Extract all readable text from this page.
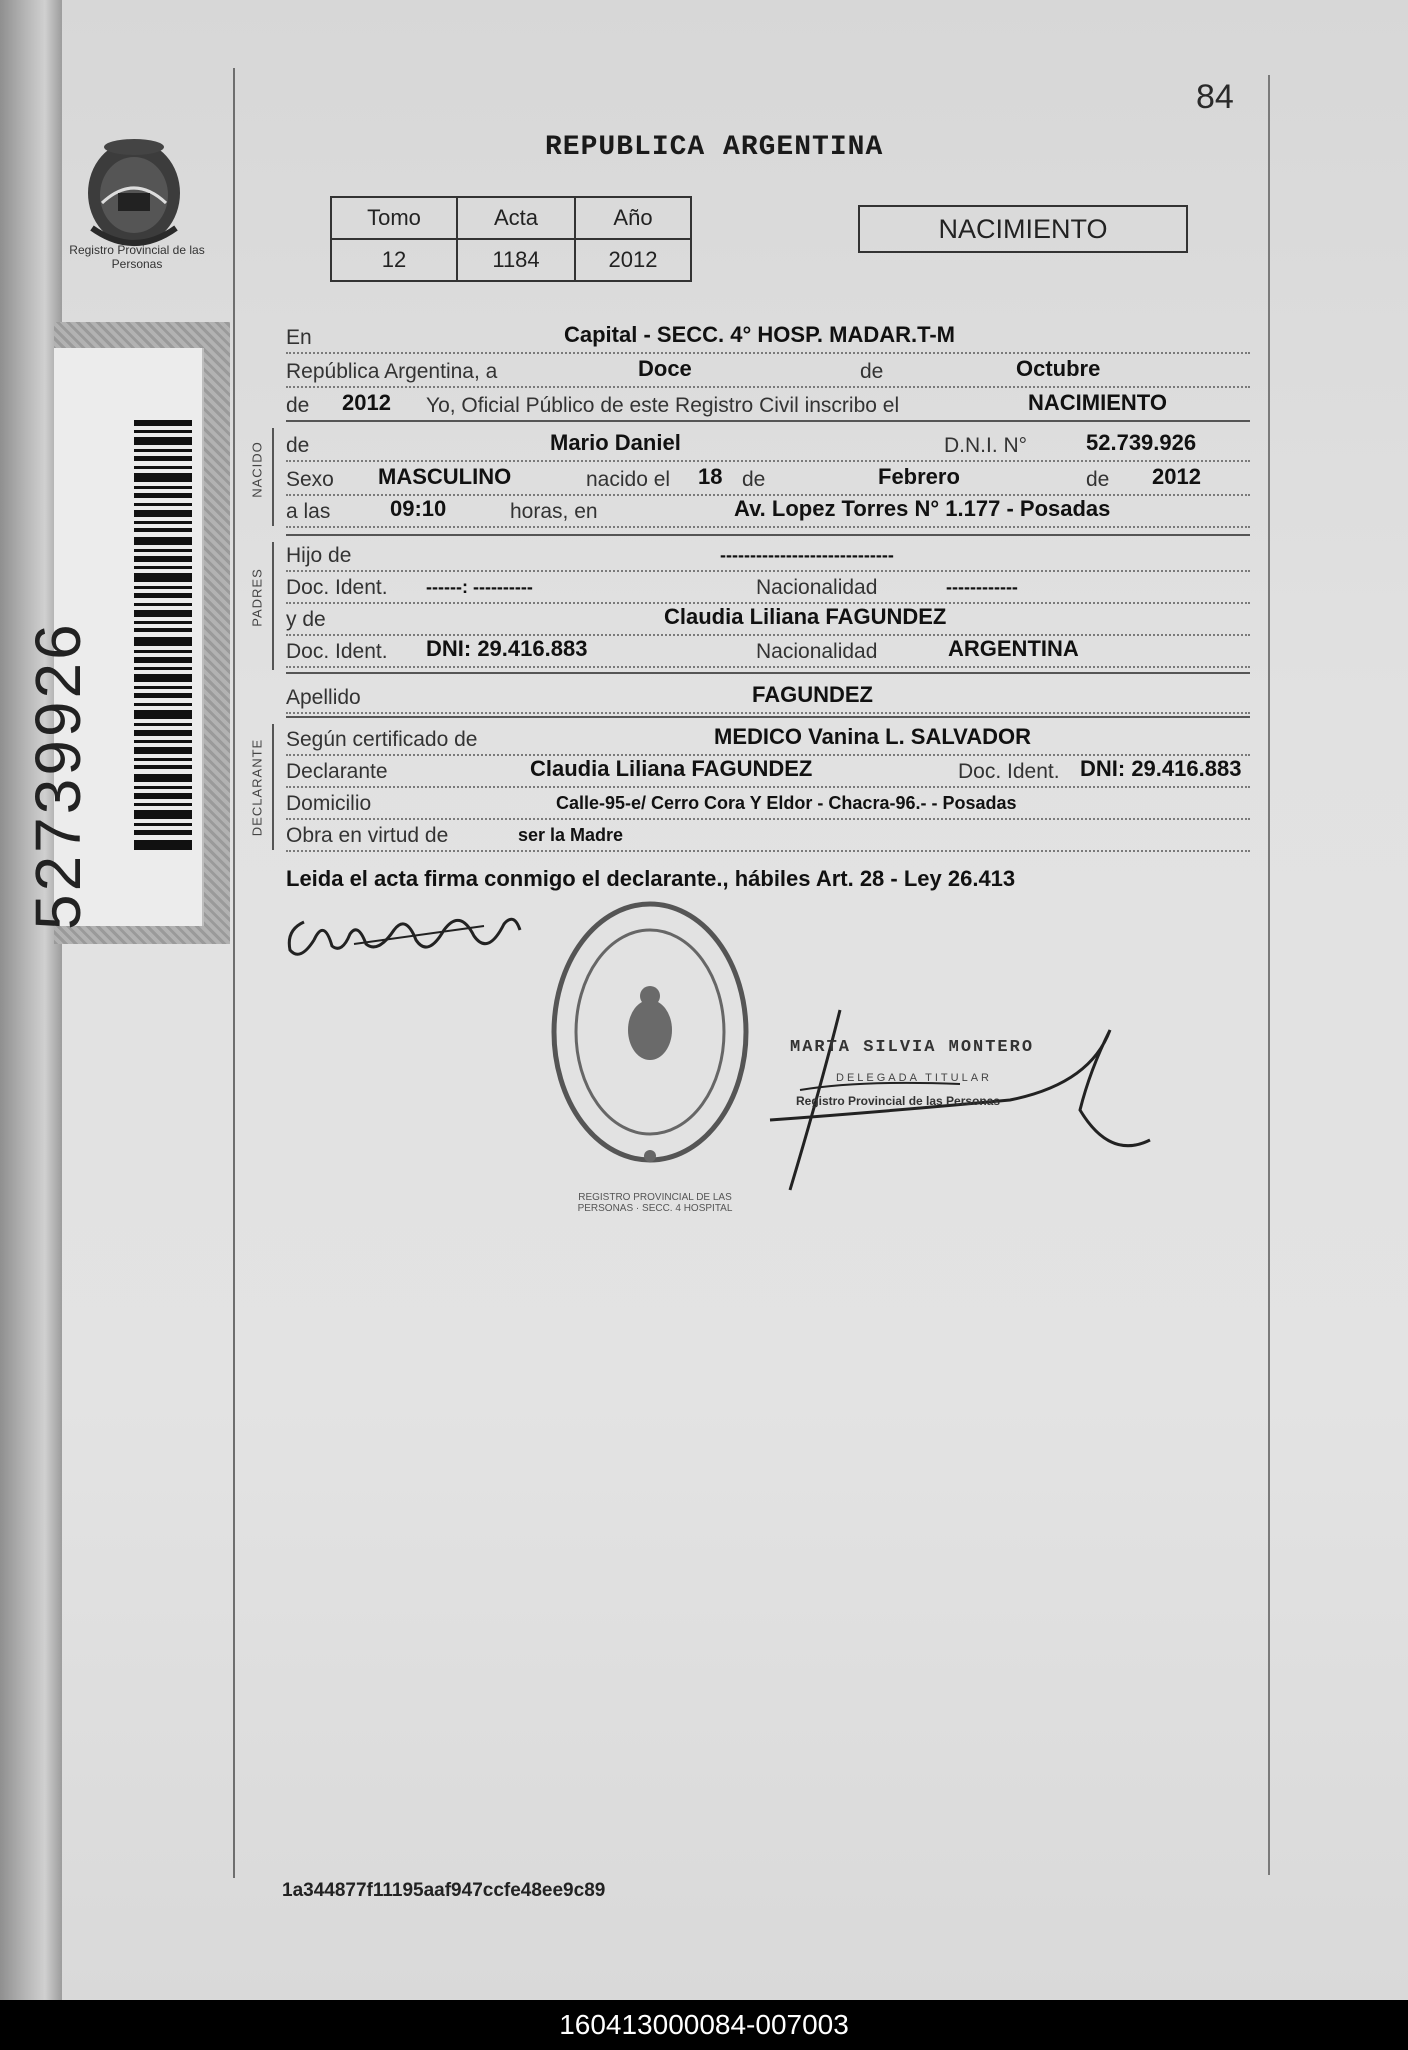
52739926
Registro Provincial de las Personas
84
REPUBLICA ARGENTINA
Tomo	Acta	Año
12	1184	2012
NACIMIENTO
En	Capital - SECC. 4° HOSP. MADAR.T-M
República Argentina, a	Doce	de	Octubre
de 2012 Yo, Oficial Público de este Registro Civil inscribo el	NACIMIENTO
NACIDO de	Mario Daniel	D.N.I. N°	52.739.926
Sexo MASCULINO	nacido el 18 de	Febrero	de 2012
a las	09:10	horas, en	Av. Lopez Torres N° 1.177 - Posadas
PADRES
Hijo de	-----------------------------
Doc. Ident. ------: ----------	Nacionalidad	------------
y de	Claudia Liliana FAGUNDEZ
Doc. Ident. DNI: 29.416.883	Nacionalidad	ARGENTINA
Apellido	FAGUNDEZ
DECLARANTE Según certificado de	MEDICO Vanina L. SALVADOR
Declarante	Claudia Liliana FAGUNDEZ	Doc. Ident. DNI: 29.416.883
Domicilio	Calle-95-e/ Cerro Cora Y Eldor - Chacra-96.- - Posadas
Obra en virtud de	ser la Madre
Leida el acta firma conmigo el declarante., hábiles Art. 28 - Ley 26.413
REGISTRO PROVINCIAL DE LAS PERSONAS · SECC. 4 HOSPITAL
MARTA SILVIA MONTERO
DELEGADA TITULAR
Registro Provincial de las Personas
1a344877f11195aaf947ccfe48ee9c89
160413000084-007003
